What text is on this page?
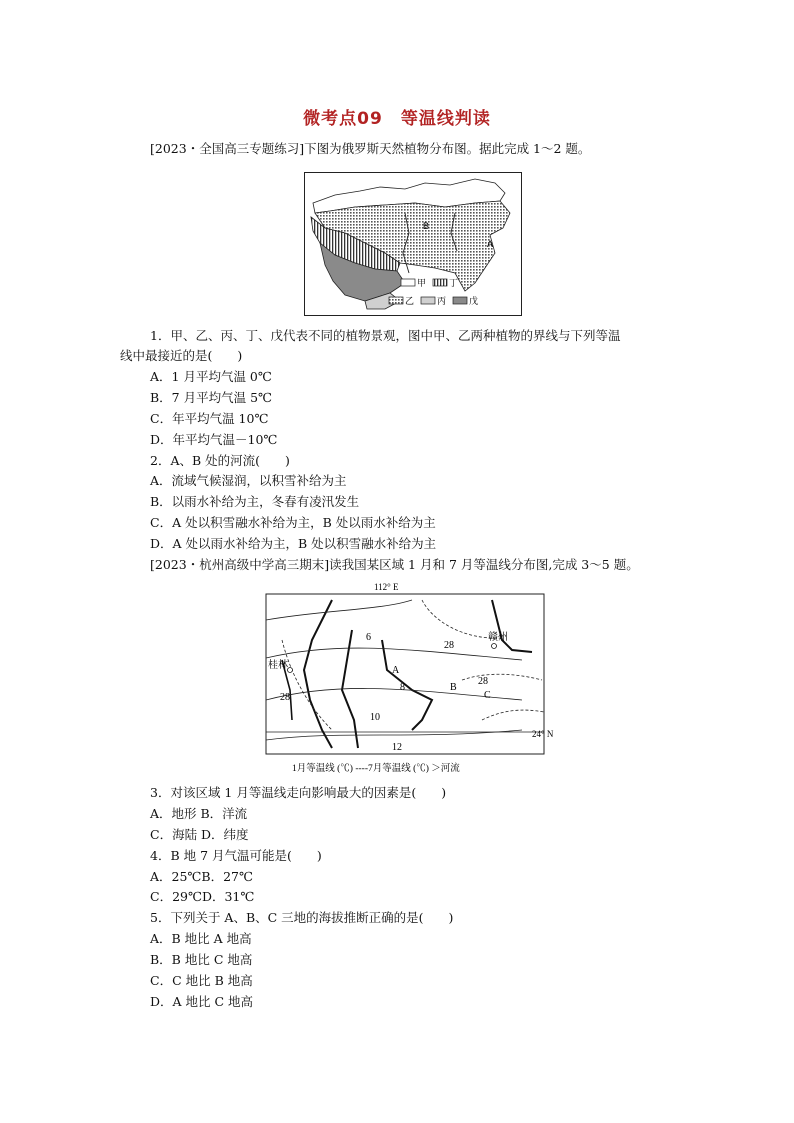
微考点09　等温线判读
[2023・全国高三专题练习]下图为俄罗斯天然植物分布图。据此完成 1～2 题。
B
A
甲	丁
乙	丙	戊
1．甲、乙、丙、丁、戊代表不同的植物景观，图中甲、乙两种植物的界线与下列等温
线中最接近的是(　　)
A．1 月平均气温 0℃
B．7 月平均气温 5℃
C．年平均气温 10℃
D．年平均气温－10℃
2．A、B 处的河流(　　)
A．流域气候湿润，以积雪补给为主
B．以雨水补给为主，冬春有凌汛发生
C．A 处以积雪融水补给为主，B 处以雨水补给为主
D．A 处以雨水补给为主，B 处以积雪融水补给为主
[2023・杭州高级中学高三期末]读我国某区域 1 月和 7 月等温线分布图,完成 3～5 题。
112° E
24° N
桂林
赣州
6
28
A
8	B
28
C
28
10
12
1月等温线 (℃) ----7月等温线 (℃) ＞河流
3．对该区域 1 月等温线走向影响最大的因素是(　　)
A．地形 B．洋流
C．海陆 D．纬度
4．B 地 7 月气温可能是(　　)
A．25℃B．27℃
C．29℃D．31℃
5．下列关于 A、B、C 三地的海拔推断正确的是(　　)
A．B 地比 A 地高
B．B 地比 C 地高
C．C 地比 B 地高
D．A 地比 C 地高
